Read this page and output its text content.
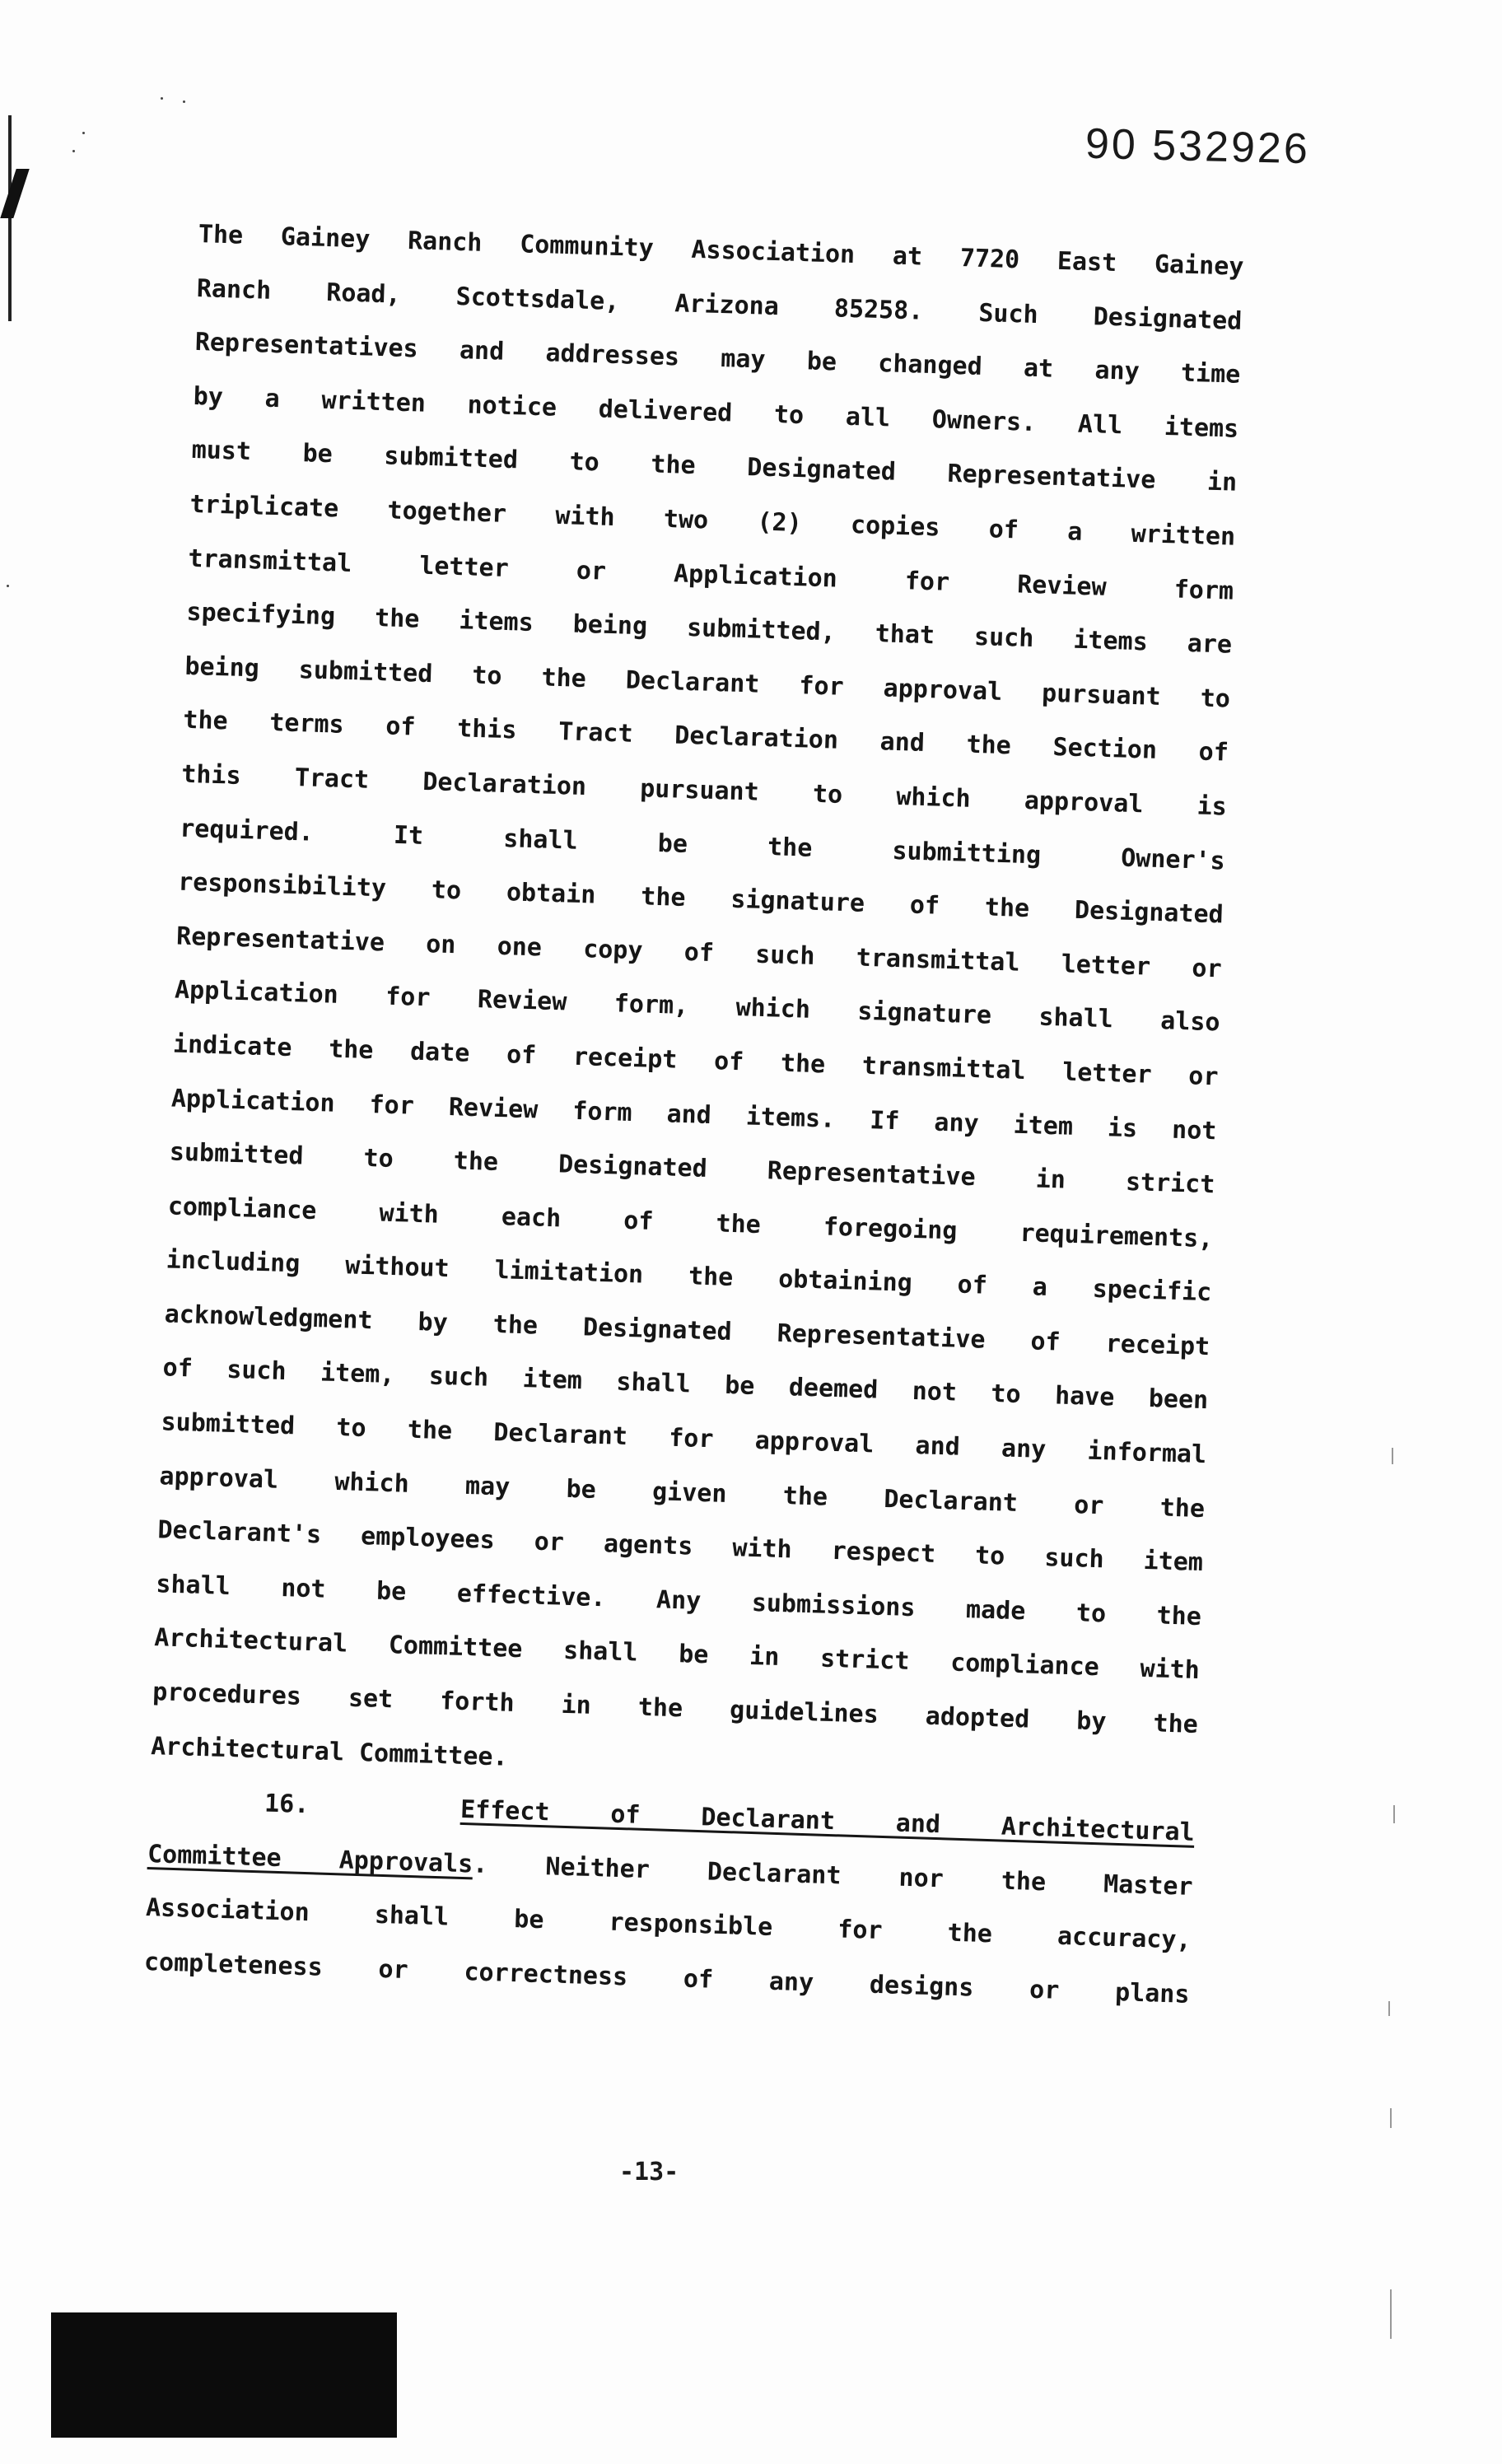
90 532926
The Gainey Ranch Community Association at 7720 East Gainey
Ranch Road, Scottsdale, Arizona 85258. Such Designated
Representatives and addresses may be changed at any time
by a written notice delivered to all Owners. All items
must be submitted to the Designated Representative in
triplicate together with two (2) copies of a written
transmittal letter or Application for Review form
specifying the items being submitted, that such items are
being submitted to the Declarant for approval pursuant to
the terms of this Tract Declaration and the Section of
this Tract Declaration pursuant to which approval is
required. It shall be the submitting Owner's
responsibility to obtain the signature of the Designated
Representative on one copy of such transmittal letter or
Application for Review form, which signature shall also
indicate the date of receipt of the transmittal letter or
Application for Review form and items. If any item is not
submitted to the Designated Representative in strict
compliance with each of the foregoing requirements,
including without limitation the obtaining of a specific
acknowledgment by the Designated Representative of receipt
of such item, such item shall be deemed not to have been
submitted to the Declarant for approval and any informal
approval which may be given the Declarant or the
Declarant's employees or agents with respect to such item
shall not be effective. Any submissions made to the
Architectural Committee shall be in strict compliance with
procedures set forth in the guidelines adopted by the
Architectural Committee.
16.	Effect of Declarant and Architectural
Committee Approvals. Neither Declarant nor the Master
Association shall be responsible for the accuracy,
completeness or correctness of any designs or plans
-13-
